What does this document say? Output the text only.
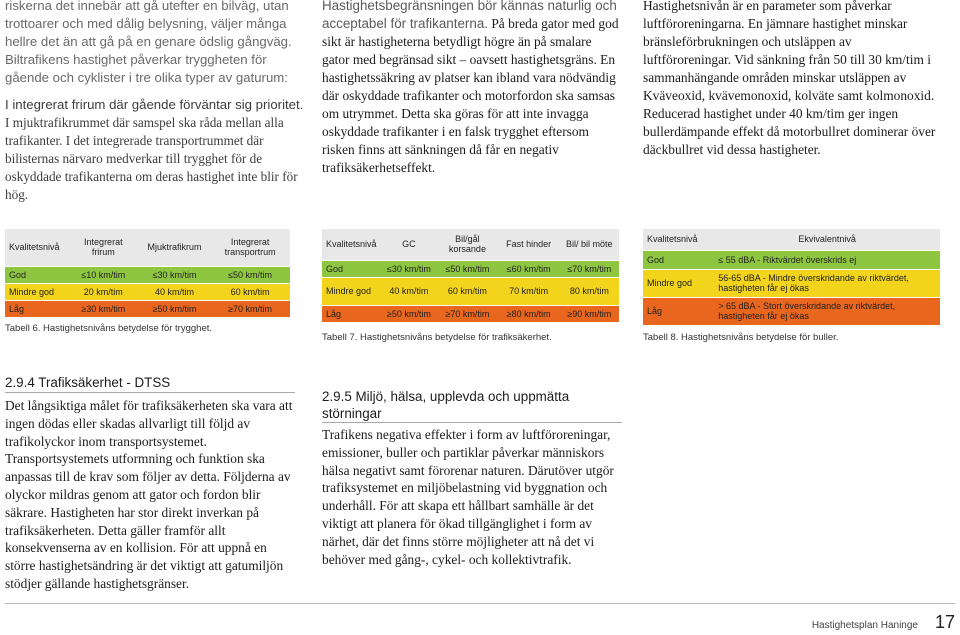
riskerna det innebär att gå utefter en bilväg, utan trottoarer och med dålig belysning, väljer många hellre det än att gå på en genare ödslig gångväg. Biltrafikens hastighet påverkar tryggheten för gående och cyklister i tre olika typer av gaturum:

I integrerat frirum där gående förväntar sig prioritet.

I mjuktrafikrummet där samspel ska råda mellan alla trafikanter. I det integrerade transportrummet där bilisternas närvaro medverkar till trygghet för de oskyddade trafikanterna om deras hastighet inte blir för hög.

Hastighetsbegränsningen bör kännas naturlig och acceptabel för trafikanterna. På breda gator med god sikt är hastigheterna betydligt högre än på smalare gator med begränsad sikt – oavsett hastighetsgräns. En hastighetssäkring av platser kan ibland vara nödvändig där oskyddade trafikanter och motorfordon ska samsas om utrymmet. Detta ska göras för att inte invagga oskyddade trafikanter i en falsk trygghet eftersom risken finns att sänkningen då får en negativ trafiksäkerhetseffekt.

Hastighetsnivån är en parameter som påverkar luftföroreningarna. En jämnare hastighet minskar bränsleförbrukningen och utsläppen av luftföroreningar. Vid sänkning från 50 till 30 km/tim i sammanhängande områden minskar utsläppen av Kväveoxid, kvävemonoxid, kolväte samt kolmonoxid. Reducerad hastighet under 40 km/tim ger ingen bullerdämpande effekt då motorbullret dominerar över däckbullret vid dessa hastigheter.

Kvalitetsnivå	Integrerat frirum	Mjuktrafikrum	Integrerat transportrum
God	≤10 km/tim	≤30 km/tim	≤50 km/tim
Mindre god	20 km/tim	40 km/tim	60 km/tim
Låg	≥30 km/tim	≥50 km/tim	≥70 km/tim
Tabell 6. Hastighetsnivåns betydelse för trygghet.
Kvalitetsnivå	GC	Bil/gål korsande	Fast hinder	Bil/ bil möte
God	≤30 km/tim	≤50 km/tim	≤60 km/tim	≤70 km/tim
Mindre god	40 km/tim	60 km/tim	70 km/tim	80 km/tim
Låg	≥50 km/tim	≥70 km/tim	≥80 km/tim	≥90 km/tim
Tabell 7. Hastighetsnivåns betydelse för trafiksäkerhet.
Kvalitetsnivå	Ekvivalentnivå
God	≤ 55 dBA - Riktvärdet överskrids ej
Mindre god	56-65 dBA - Mindre överskridande av riktvärdet, hastigheten får ej ökas
Låg	> 65 dBA - Stort överskridande av riktvärdet, hastigheten får ej ökas
Tabell 8. Hastighetsnivåns betydelse för buller.
2.9.4 Trafiksäkerhet - DTSS
Det långsiktiga målet för trafiksäkerheten ska vara att ingen dödas eller skadas allvarligt till följd av trafikolyckor inom transportsystemet. Transportsystemets utformning och funktion ska anpassas till de krav som följer av detta. Följderna av olyckor mildras genom att gator och fordon blir säkrare. Hastigheten har stor direkt inverkan på trafiksäkerheten. Detta gäller framför allt konsekvenserna av en kollision. För att uppnå en större hastighetsändring är det viktigt att gatumiljön stödjer gällande hastighetsgränser.
2.9.5 Miljö, hälsa, upplevda och uppmätta störningar
Trafikens negativa effekter i form av luftföroreningar, emissioner, buller och partiklar påverkar människors hälsa negativt samt förorenar naturen. Därutöver utgör trafiksystemet en miljöbelastning vid byggnation och underhåll. För att skapa ett hållbart samhälle är det viktigt att planera för ökad tillgänglighet i form av närhet, där det finns större möjligheter att nå det vi behöver med gång-, cykel- och kollektivtrafik.
Hastighetsplan Haninge 17
